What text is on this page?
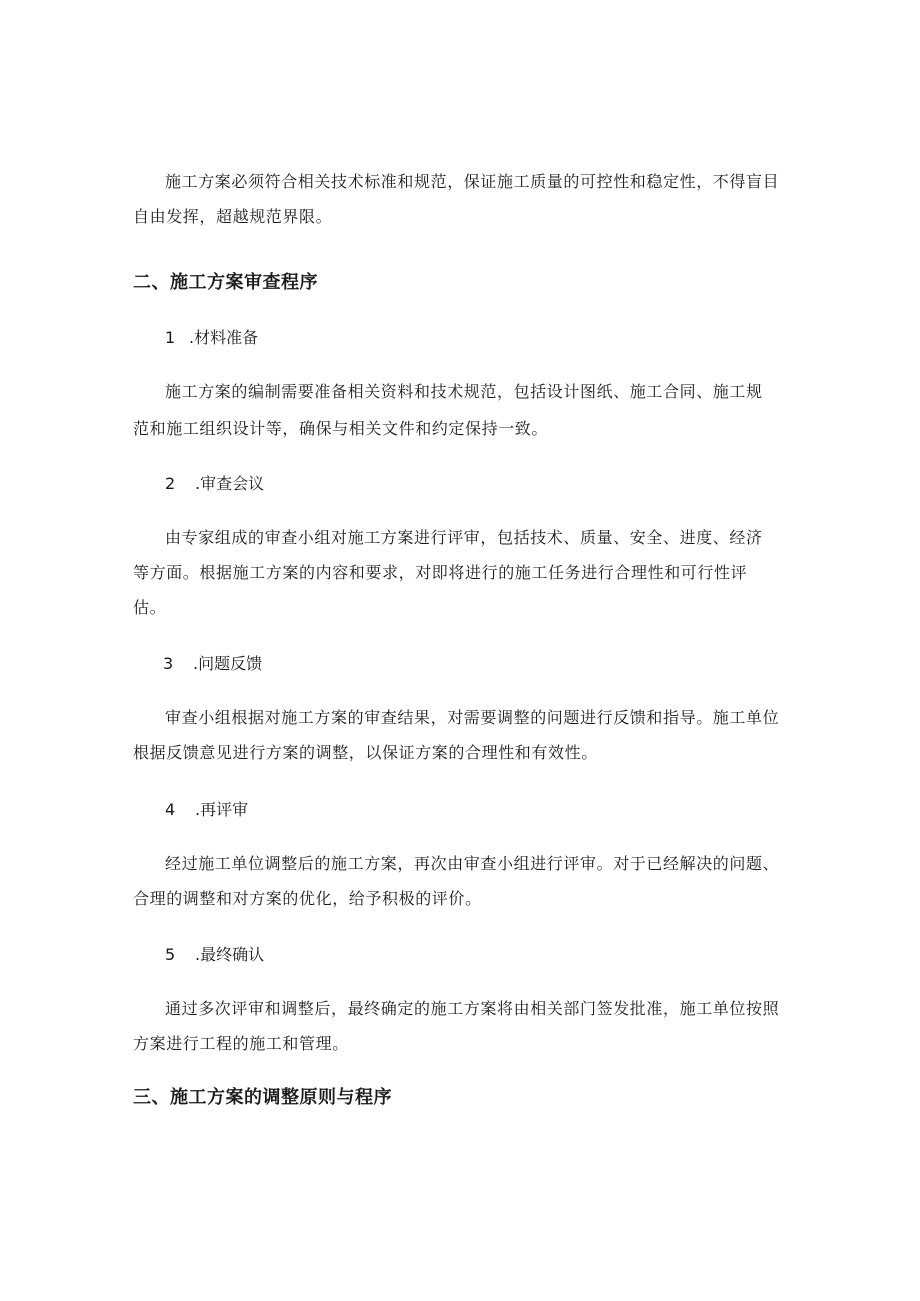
施工方案必须符合相关技术标准和规范，保证施工质量的可控性和稳定性，不得盲目
自由发挥，超越规范界限。
二、施工方案审查程序
1 .材料准备
施工方案的编制需要准备相关资料和技术规范，包括设计图纸、施工合同、施工规
范和施工组织设计等，确保与相关文件和约定保持一致。
2 .审查会议
由专家组成的审查小组对施工方案进行评审，包括技术、质量、安全、进度、经济
等方面。根据施工方案的内容和要求，对即将进行的施工任务进行合理性和可行性评
估。
3 .问题反馈
审查小组根据对施工方案的审查结果，对需要调整的问题进行反馈和指导。施工单位
根据反馈意见进行方案的调整，以保证方案的合理性和有效性。
4 .再评审
经过施工单位调整后的施工方案，再次由审查小组进行评审。对于已经解决的问题、
合理的调整和对方案的优化，给予积极的评价。
5 .最终确认
通过多次评审和调整后，最终确定的施工方案将由相关部门签发批准，施工单位按照
方案进行工程的施工和管理。
三、施工方案的调整原则与程序
